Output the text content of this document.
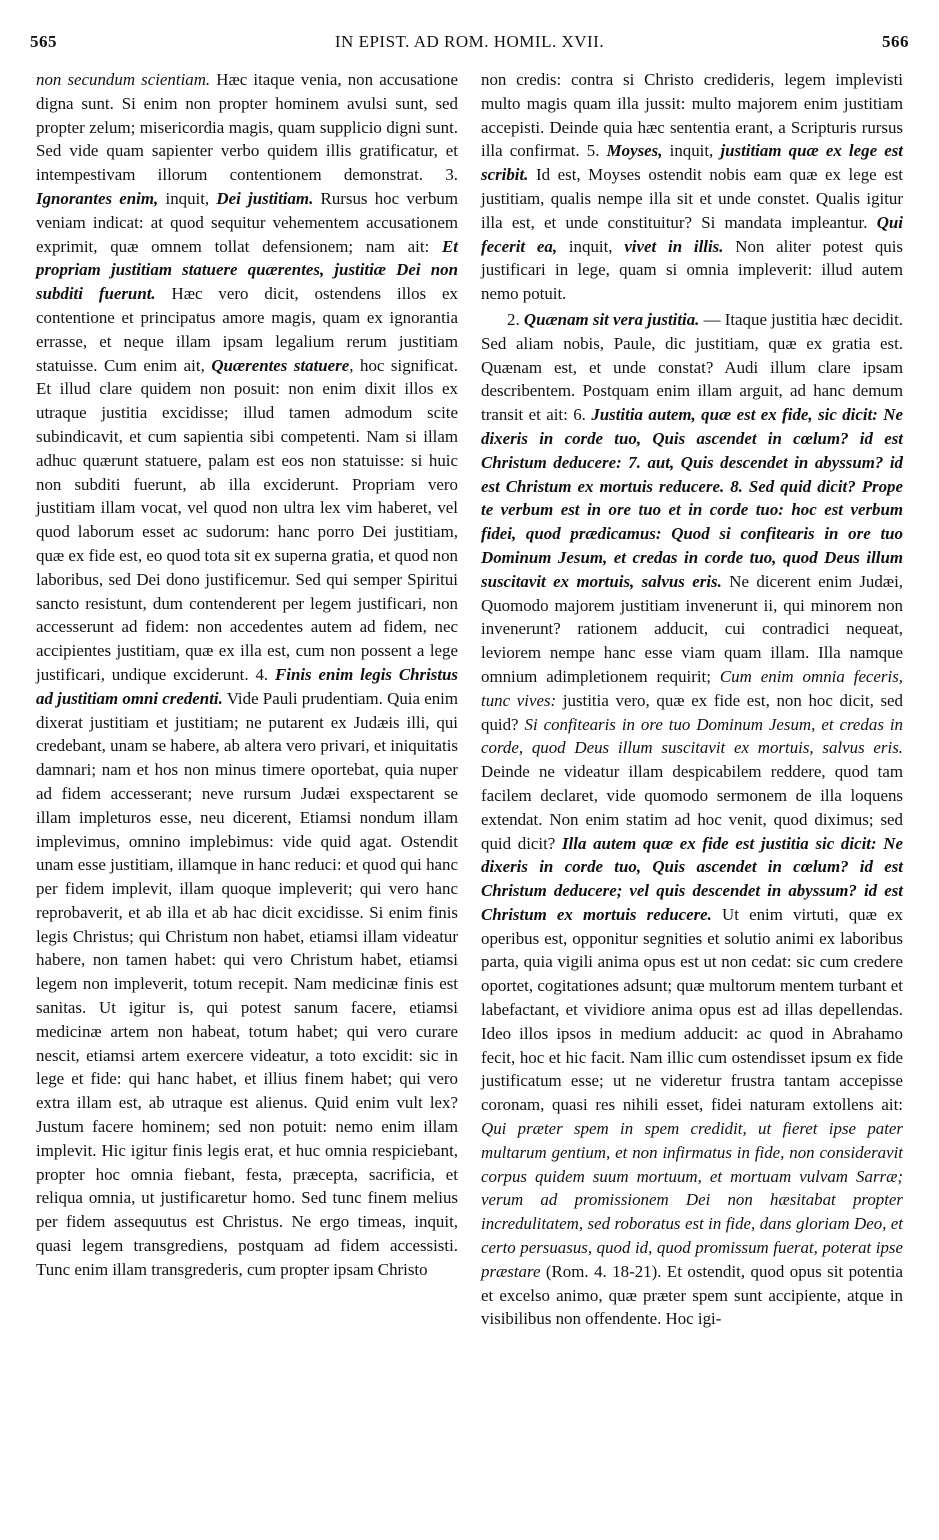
565	IN EPIST. AD ROM. HOMIL. XVII.	566

non secundum scientiam. Hæc itaque venia, non accusatione digna sunt. Si enim non propter hominem avulsi sunt, sed propter zelum; misericordia magis, quam supplicio digni sunt. Sed vide quam sapienter verbo quidem illis gratificatur, et intempestivam illorum contentionem demonstrat. 3. Ignorantes enim, inquit, Dei justitiam. Rursus hoc verbum veniam indicat: at quod sequitur vehementem accusationem exprimit, quæ omnem tollat defensionem; nam ait: Et propriam justitiam statuere quærentes, justitiæ Dei non subditi fuerunt. Hæc vero dicit, ostendens illos ex contentione et principatus amore magis, quam ex ignorantia errasse, et neque illam ipsam legalium rerum justitiam statuisse. Cum enim ait, Quærentes statuere, hoc significat. Et illud clare quidem non posuit: non enim dixit illos ex utraque justitia excidisse; illud tamen admodum scite subindicavit, et cum sapientia sibi competenti. Nam si illam adhuc quærunt statuere, palam est eos non statuisse: si huic non subditi fuerunt, ab illa exciderunt. Propriam vero justitiam illam vocat, vel quod non ultra lex vim haberet, vel quod laborum esset ac sudorum: hanc porro Dei justitiam, quæ ex fide est, eo quod tota sit ex superna gratia, et quod non laboribus, sed Dei dono justificemur. Sed qui semper Spiritui sancto resistunt, dum contenderent per legem justificari, non accesserunt ad fidem: non accedentes autem ad fidem, nec accipientes justitiam, quæ ex illa est, cum non possent a lege justificari, undique exciderunt. 4. Finis enim legis Christus ad justitiam omni credenti. Vide Pauli prudentiam. Quia enim dixerat justitiam et justitiam; ne putarent ex Judæis illi, qui credebant, unam se habere, ab altera vero privari, et iniquitatis damnari; nam et hos non minus timere oportebat, quia nuper ad fidem accesserant; neve rursum Judæi exspectarent se illam impleturos esse, neu dicerent, Etiamsi nondum illam implevimus, omnino implebimus: vide quid agat. Ostendit unam esse justitiam, illamque in hanc reduci: et quod qui hanc per fidem implevit, illam quoque impleverit; qui vero hanc reprobaverit, et ab illa et ab hac dicit excidisse. Si enim finis legis Christus; qui Christum non habet, etiamsi illam videatur habere, non tamen habet: qui vero Christum habet, etiamsi legem non impleverit, totum recepit. Nam medicinæ finis est sanitas. Ut igitur is, qui potest sanum facere, etiamsi medicinæ artem non habeat, totum habet; qui vero curare nescit, etiamsi artem exercere videatur, a toto excidit: sic in lege et fide: qui hanc habet, et illius finem habet; qui vero extra illam est, ab utraque est alienus. Quid enim vult lex? Justum facere hominem; sed non potuit: nemo enim illam implevit. Hic igitur finis legis erat, et huc omnia respiciebant, propter hoc omnia fiebant, festa, præcepta, sacrificia, et reliqua omnia, ut justificaretur homo. Sed tunc finem melius per fidem assequutus est Christus. Ne ergo timeas, inquit, quasi legem transgrediens, postquam ad fidem accessisti. Tunc enim illam transgrederis, cum propter ipsam Christo

non credis: contra si Christo credideris, legem implevisti multo magis quam illa jussit: multo majorem enim justitiam accepisti. Deinde quia hæc sententia erant, a Scripturis rursus illa confirmat. 5. Moyses, inquit, justitiam quæ ex lege est scribit. Id est, Moyses ostendit nobis eam quæ ex lege est justitiam, qualis nempe illa sit et unde constet. Qualis igitur illa est, et unde constituitur? Si mandata impleantur. Qui fecerit ea, inquit, vivet in illis. Non aliter potest quis justificari in lege, quam si omnia impleverit: illud autem nemo potuit.

2. Quænam sit vera justitia. — Itaque justitia hæc decidit. Sed aliam nobis, Paule, dic justitiam, quæ ex gratia est. Quænam est, et unde constat? Audi illum clare ipsam describentem. Postquam enim illam arguit, ad hanc demum transit et ait: 6. Justitia autem, quæ est ex fide, sic dicit: Ne dixeris in corde tuo, Quis ascendet in cœlum? id est Christum deducere: 7. aut, Quis descendet in abyssum? id est Christum ex mortuis reducere. 8. Sed quid dicit? Prope te verbum est in ore tuo et in corde tuo: hoc est verbum fidei, quod prædicamus: Quod si confitearis in ore tuo Dominum Jesum, et credas in corde tuo, quod Deus illum suscitavit ex mortuis, salvus eris. Ne dicerent enim Judæi, Quomodo majorem justitiam invenerunt ii, qui minorem non invenerunt? rationem adducit, cui contradici nequeat, leviorem nempe hanc esse viam quam illam. Illa namque omnium adimpletionem requirit; Cum enim omnia feceris, tunc vives: justitia vero, quæ ex fide est, non hoc dicit, sed quid? Si confitearis in ore tuo Dominum Jesum, et credas in corde, quod Deus illum suscitavit ex mortuis, salvus eris. Deinde ne videatur illam despicabilem reddere, quod tam facilem declaret, vide quomodo sermonem de illa loquens extendat. Non enim statim ad hoc venit, quod diximus; sed quid dicit? Illa autem quæ ex fide est justitia sic dicit: Ne dixeris in corde tuo, Quis ascendet in cœlum? id est Christum deducere; vel quis descendet in abyssum? id est Christum ex mortuis reducere. Ut enim virtuti, quæ ex operibus est, opponitur segnities et solutio animi ex laboribus parta, quia vigili anima opus est ut non cedat: sic cum credere oportet, cogitationes adsunt; quæ multorum mentem turbant et labefactant, et vividiore anima opus est ad illas depellendas. Ideo illos ipsos in medium adducit: ac quod in Abrahamo fecit, hoc et hic facit. Nam illic cum ostendisset ipsum ex fide justificatum esse; ut ne videretur frustra tantam accepisse coronam, quasi res nihili esset, fidei naturam extollens ait: Qui præter spem in spem credidit, ut fieret ipse pater multarum gentium, et non infirmatus in fide, non consideravit corpus quidem suum mortuum, et mortuam vulvam Sarræ; verum ad promissionem Dei non hæsitabat propter incredulitatem, sed roboratus est in fide, dans gloriam Deo, et certo persuasus, quod id, quod promissum fuerat, poterat ipse præstare (Rom. 4. 18-21). Et ostendit, quod opus sit potentia et excelso animo, quæ præter spem sunt accipiente, atque in visibilibus non offendente. Hoc igi-
